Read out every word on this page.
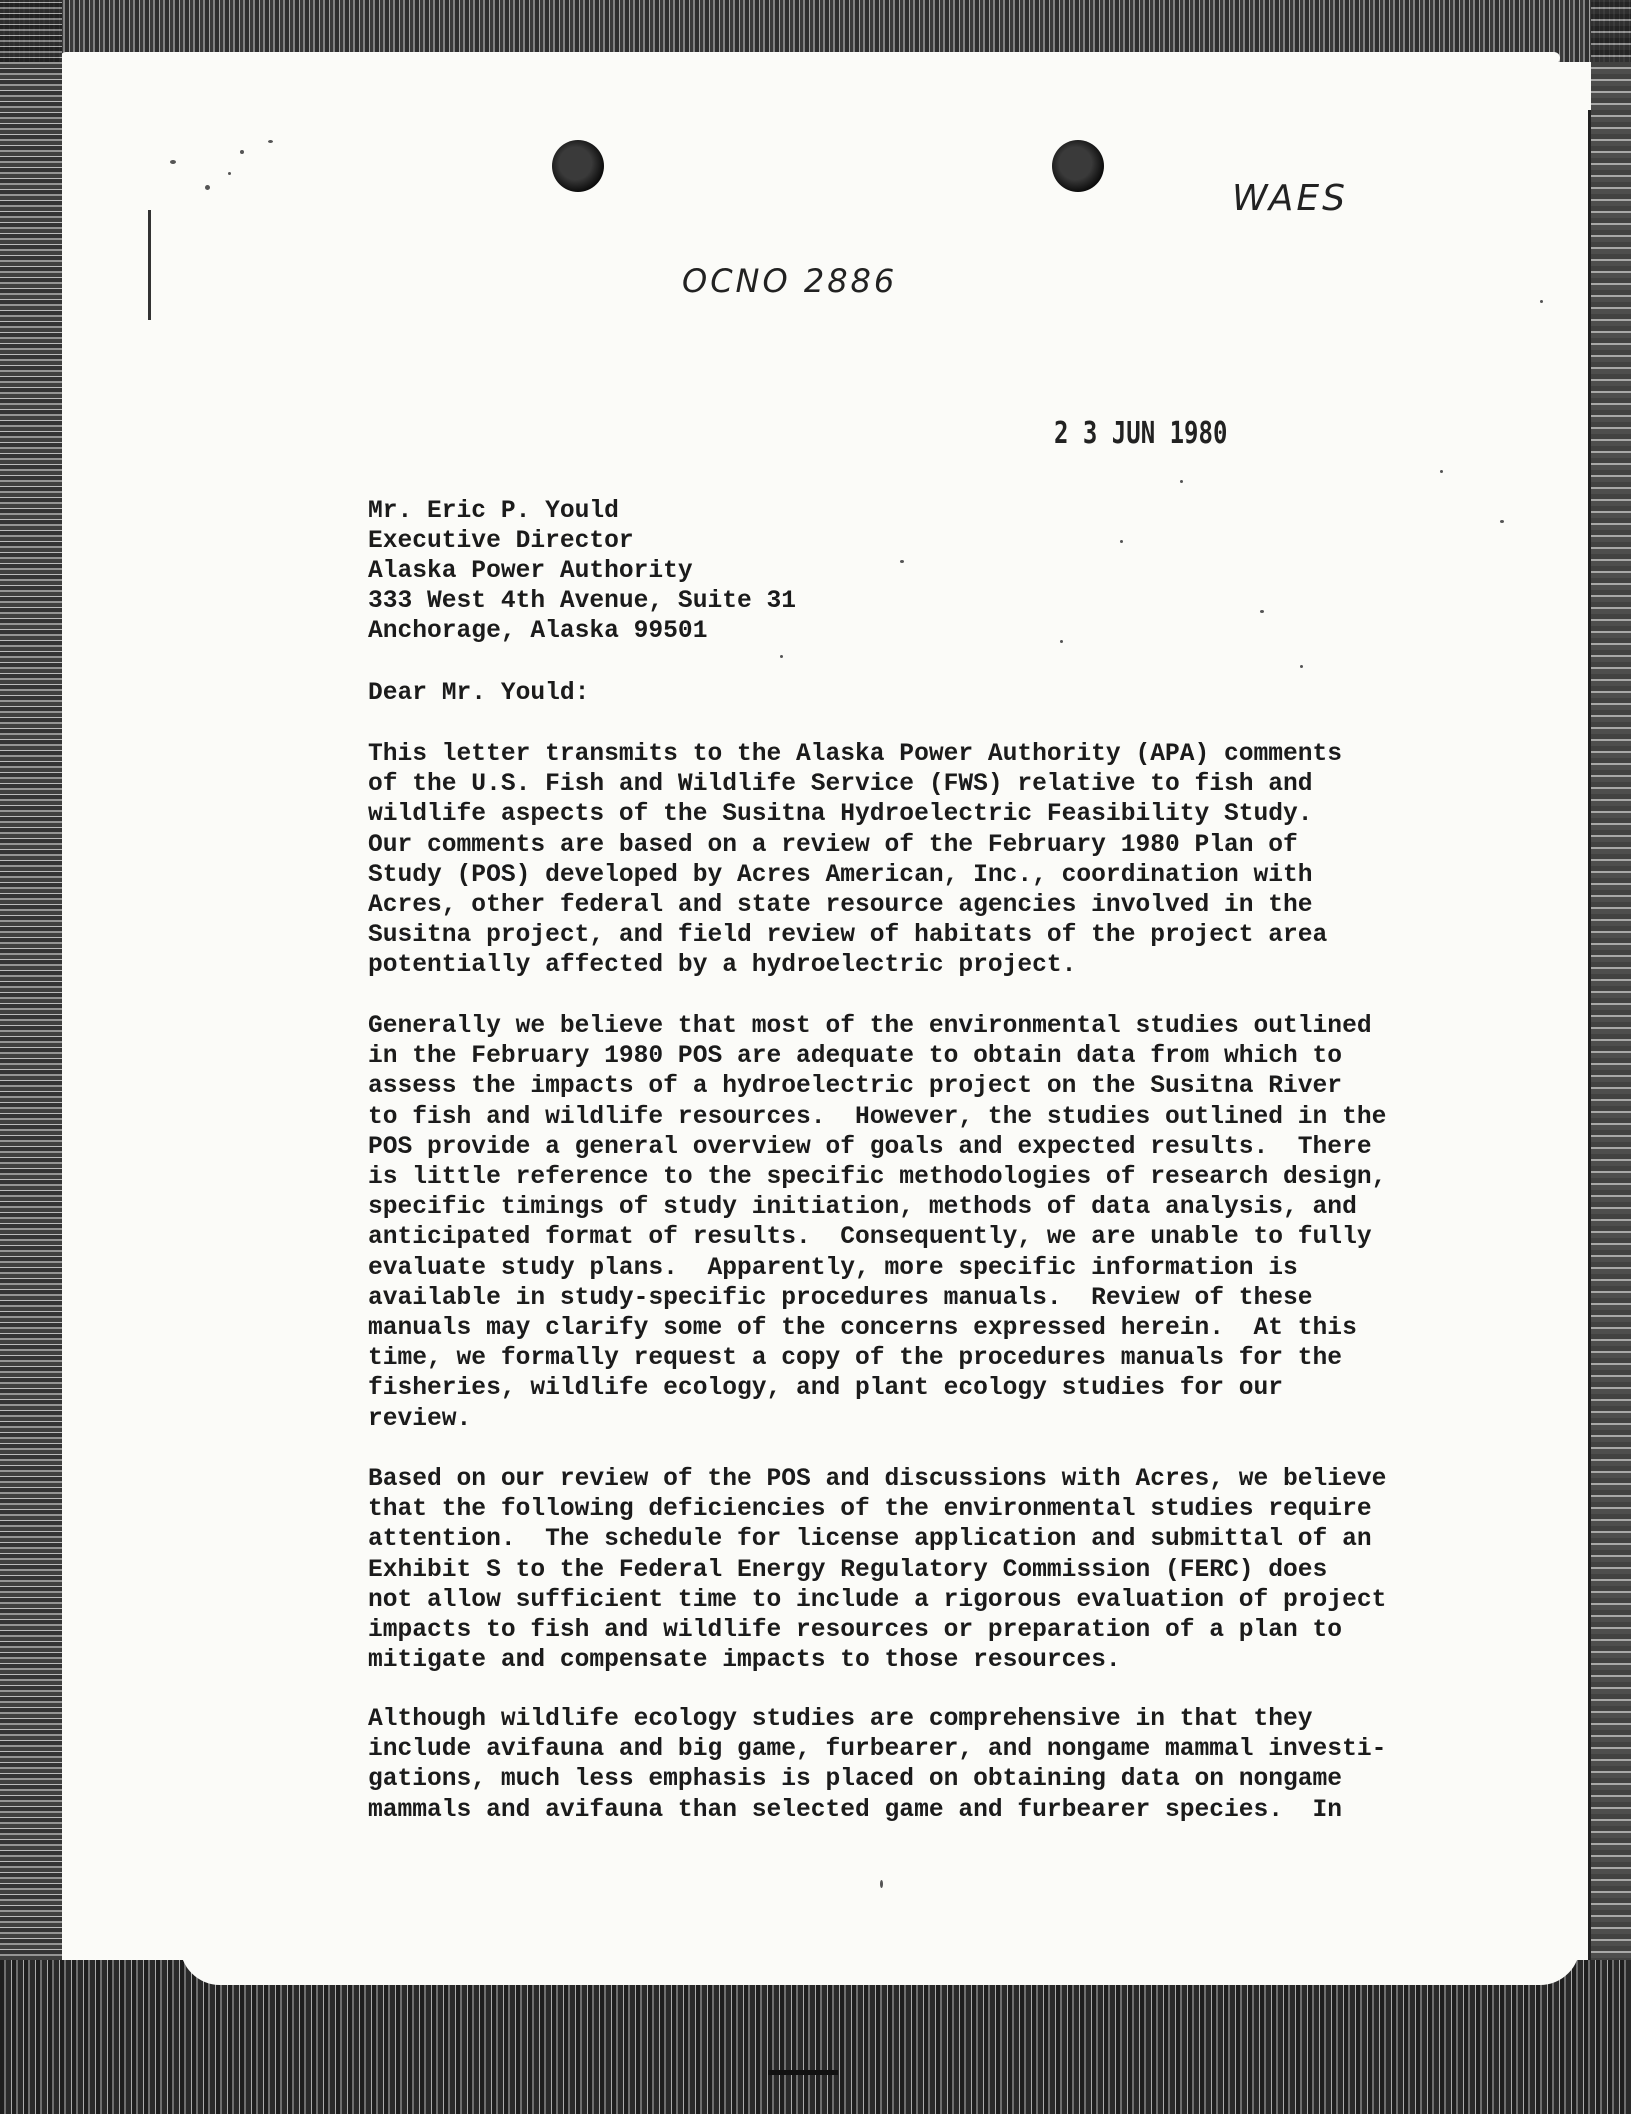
WAES
OCNO 2886
2 3 JUN 1980
Mr. Eric P. Yould
Executive Director
Alaska Power Authority
333 West 4th Avenue, Suite 31
Anchorage, Alaska 99501
Dear Mr. Yould:
This letter transmits to the Alaska Power Authority (APA) comments
of the U.S. Fish and Wildlife Service (FWS) relative to fish and
wildlife aspects of the Susitna Hydroelectric Feasibility Study.
Our comments are based on a review of the February 1980 Plan of
Study (POS) developed by Acres American, Inc., coordination with
Acres, other federal and state resource agencies involved in the
Susitna project, and field review of habitats of the project area
potentially affected by a hydroelectric project.
Generally we believe that most of the environmental studies outlined
in the February 1980 POS are adequate to obtain data from which to
assess the impacts of a hydroelectric project on the Susitna River
to fish and wildlife resources.  However, the studies outlined in the
POS provide a general overview of goals and expected results.  There
is little reference to the specific methodologies of research design,
specific timings of study initiation, methods of data analysis, and
anticipated format of results.  Consequently, we are unable to fully
evaluate study plans.  Apparently, more specific information is
available in study-specific procedures manuals.  Review of these
manuals may clarify some of the concerns expressed herein.  At this
time, we formally request a copy of the procedures manuals for the
fisheries, wildlife ecology, and plant ecology studies for our
review.
Based on our review of the POS and discussions with Acres, we believe
that the following deficiencies of the environmental studies require
attention.  The schedule for license application and submittal of an
Exhibit S to the Federal Energy Regulatory Commission (FERC) does
not allow sufficient time to include a rigorous evaluation of project
impacts to fish and wildlife resources or preparation of a plan to
mitigate and compensate impacts to those resources.
Although wildlife ecology studies are comprehensive in that they
include avifauna and big game, furbearer, and nongame mammal investi-
gations, much less emphasis is placed on obtaining data on nongame
mammals and avifauna than selected game and furbearer species.  In
